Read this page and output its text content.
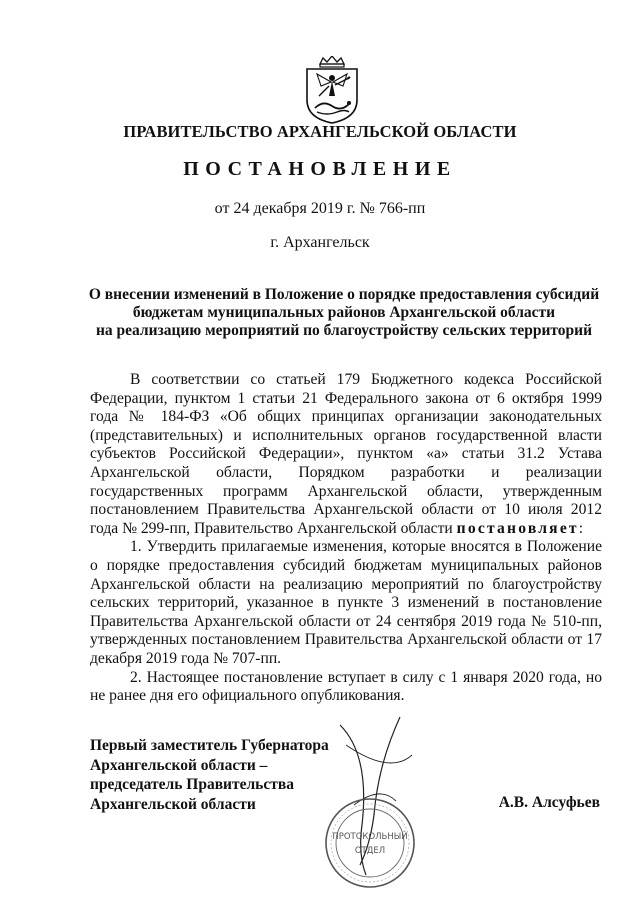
ПРАВИТЕЛЬСТВО АРХАНГЕЛЬСКОЙ ОБЛАСТИ
ПОСТАНОВЛЕНИЕ
от 24 декабря 2019 г. № 766-пп
г. Архангельск
О внесении изменений в Положение о порядке предоставления субсидий
бюджетам муниципальных районов Архангельской области
на реализацию мероприятий по благоустройству сельских территорий

В соответствии со статьей 179 Бюджетного кодекса Российской Федерации, пунктом 1 статьи 21 Федерального закона от 6 октября 1999 года № 184-ФЗ «Об общих принципах организации законодательных (представительных) и исполнительных органов государственной власти субъектов Российской Федерации», пунктом «а» статьи 31.2 Устава Архангельской области, Порядком разработки и реализации государственных программ Архангельской области, утвержденным постановлением Правительства Архангельской области от 10 июля 2012 года № 299-пп, Правительство Архангельской области постановляет:

1. Утвердить прилагаемые изменения, которые вносятся в Положение о порядке предоставления субсидий бюджетам муниципальных районов Архангельской области на реализацию мероприятий по благоустройству сельских территорий, указанное в пункте 3 изменений в постановление Правительства Архангельской области от 24 сентября 2019 года № 510-пп, утвержденных постановлением Правительства Архангельской области от 17 декабря 2019 года № 707-пп.

2. Настоящее постановление вступает в силу с 1 января 2020 года, но не ранее дня его официального опубликования.

ПРОТОКОЛЬНЫЙ
ОТДЕЛ
Первый заместитель Губернатора
Архангельской области –
председатель Правительства
Архангельской области	А.В. Алсуфьев
